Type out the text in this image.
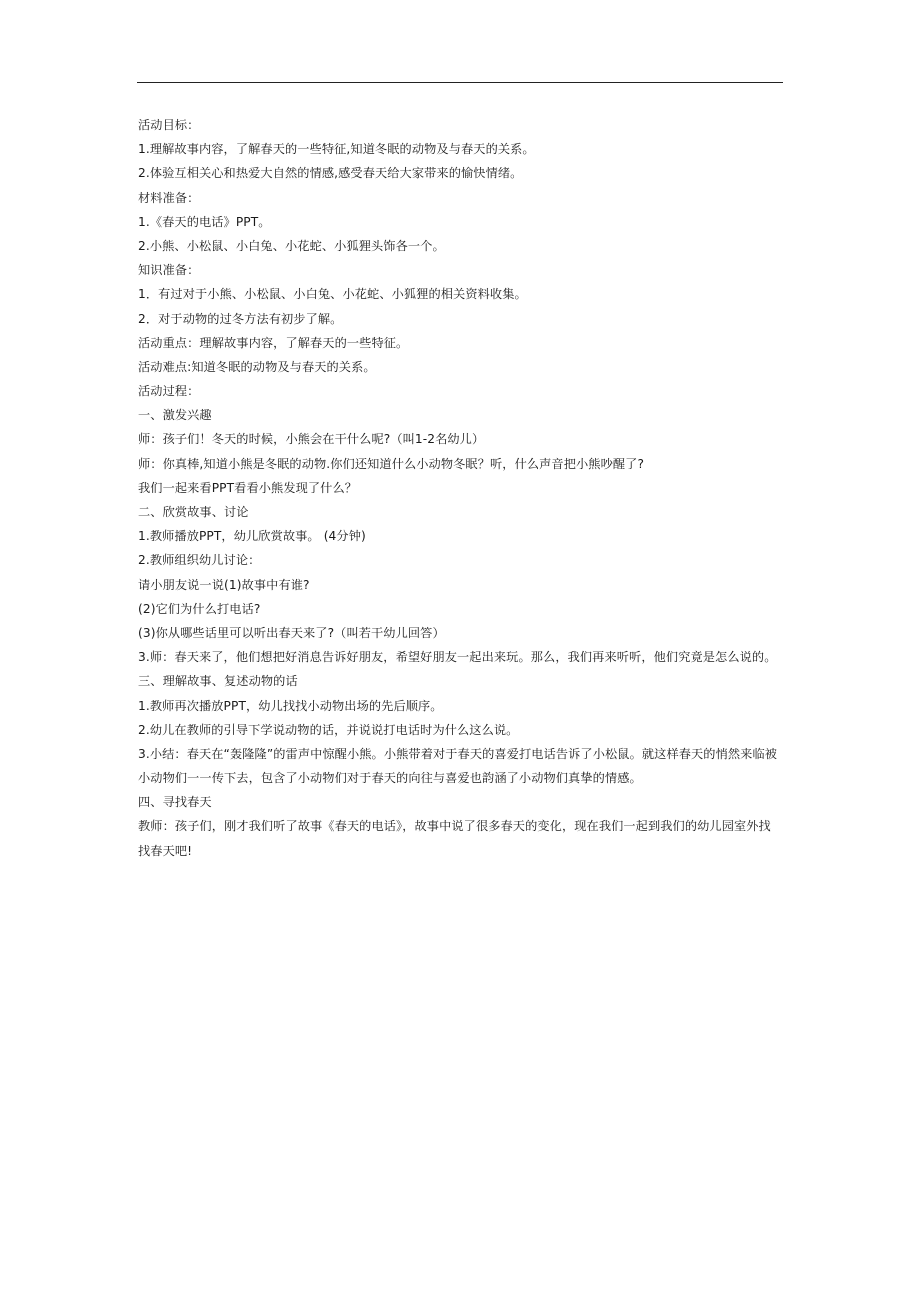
活动目标：
1.理解故事内容，了解春天的一些特征,知道冬眠的动物及与春天的关系。
2.体验互相关心和热爱大自然的情感,感受春天给大家带来的愉快情绪。
材料准备：
1.《春天的电话》PPT。
2.小熊、小松鼠、小白兔、小花蛇、小狐狸头饰各一个。
知识准备：
1．有过对于小熊、小松鼠、小白兔、小花蛇、小狐狸的相关资料收集。
2．对于动物的过冬方法有初步了解。
活动重点：理解故事内容，了解春天的一些特征。
活动难点:知道冬眠的动物及与春天的关系。
活动过程：
一、激发兴趣
师：孩子们！冬天的时候，小熊会在干什么呢?（叫1-2名幼儿）
师：你真棒,知道小熊是冬眠的动物.你们还知道什么小动物冬眠？听，什么声音把小熊吵醒了?
我们一起来看PPT看看小熊发现了什么？
二、欣赏故事、讨论
1.教师播放PPT，幼儿欣赏故事。 (4分钟)
2.教师组织幼儿讨论：
请小朋友说一说(1)故事中有谁?
(2)它们为什么打电话?
(3)你从哪些话里可以听出春天来了?（叫若干幼儿回答）
3.师：春天来了，他们想把好消息告诉好朋友，希望好朋友一起出来玩。那么，我们再来听听，他们究竟是怎么说的。
三、理解故事、复述动物的话
1.教师再次播放PPT，幼儿找找小动物出场的先后顺序。
2.幼儿在教师的引导下学说动物的话，并说说打电话时为什么这么说。
3.小结：春天在“轰隆隆”的雷声中惊醒小熊。小熊带着对于春天的喜爱打电话告诉了小松鼠。就这样春天的悄然来临被
小动物们一一传下去，包含了小动物们对于春天的向往与喜爱也韵涵了小动物们真挚的情感。
四、寻找春天
教师：孩子们，刚才我们听了故事《春天的电话》，故事中说了很多春天的变化，现在我们一起到我们的幼儿园室外找
找春天吧!
